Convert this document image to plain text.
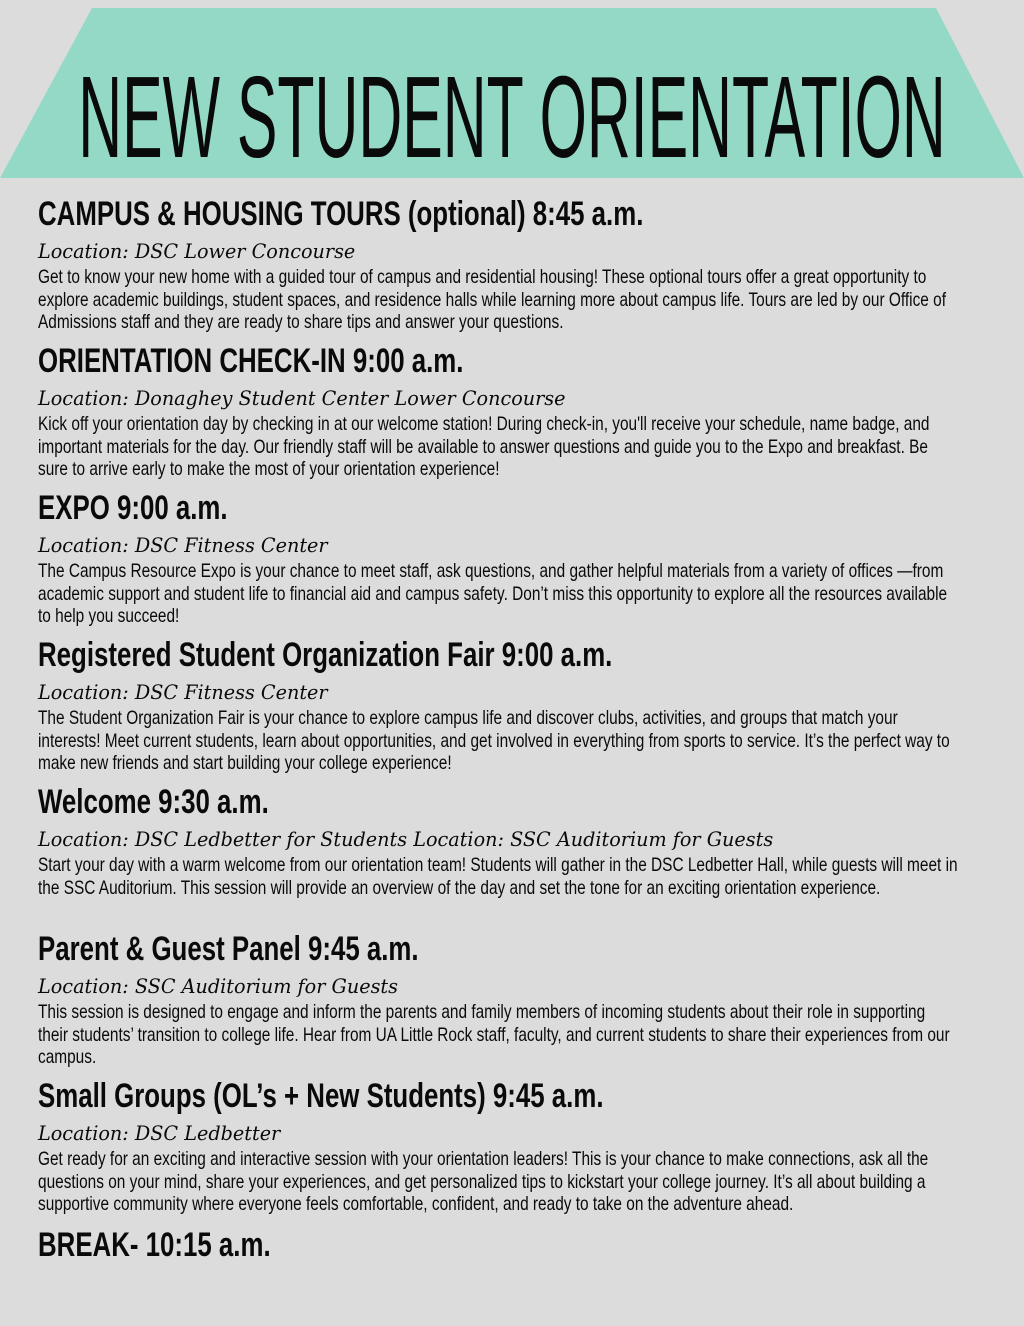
NEW STUDENT ORIENTATION
CAMPUS & HOUSING TOURS (optional) 8:45 a.m.
Location: DSC Lower Concourse

Get to know your new home with a guided tour of campus and residential housing! These optional tours offer a great opportunity to explore academic buildings, student spaces, and residence halls while learning more about campus life. Tours are led by our Office of Admissions staff and they are ready to share tips and answer your questions.

ORIENTATION CHECK-IN 9:00 a.m.
Location: Donaghey Student Center Lower Concourse

Kick off your orientation day by checking in at our welcome station! During check-in, you'll receive your schedule, name badge, and important materials for the day. Our friendly staff will be available to answer questions and guide you to the Expo and breakfast. Be sure to arrive early to make the most of your orientation experience!

EXPO 9:00 a.m.
Location: DSC Fitness Center

The Campus Resource Expo is your chance to meet staff, ask questions, and gather helpful materials from a variety of offices —from academic support and student life to financial aid and campus safety. Don’t miss this opportunity to explore all the resources available to help you succeed!

Registered Student Organization Fair 9:00 a.m.
Location: DSC Fitness Center

The Student Organization Fair is your chance to explore campus life and discover clubs, activities, and groups that match your interests! Meet current students, learn about opportunities, and get involved in everything from sports to service. It’s the perfect way to make new friends and start building your college experience!

Welcome 9:30 a.m.
Location: DSC Ledbetter for Students Location: SSC Auditorium for Guests

Start your day with a warm welcome from our orientation team! Students will gather in the DSC Ledbetter Hall, while guests will meet in the SSC Auditorium. This session will provide an overview of the day and set the tone for an exciting orientation experience.

Parent & Guest Panel 9:45 a.m.
Location: SSC Auditorium for Guests

This session is designed to engage and inform the parents and family members of incoming students about their role in supporting their students’ transition to college life. Hear from UA Little Rock staff, faculty, and current students to share their experiences from our campus.

Small Groups (OL’s + New Students) 9:45 a.m.
Location: DSC Ledbetter

Get ready for an exciting and interactive session with your orientation leaders! This is your chance to make connections, ask all the questions on your mind, share your experiences, and get personalized tips to kickstart your college journey. It’s all about building a supportive community where everyone feels comfortable, confident, and ready to take on the adventure ahead.

BREAK- 10:15 a.m.
